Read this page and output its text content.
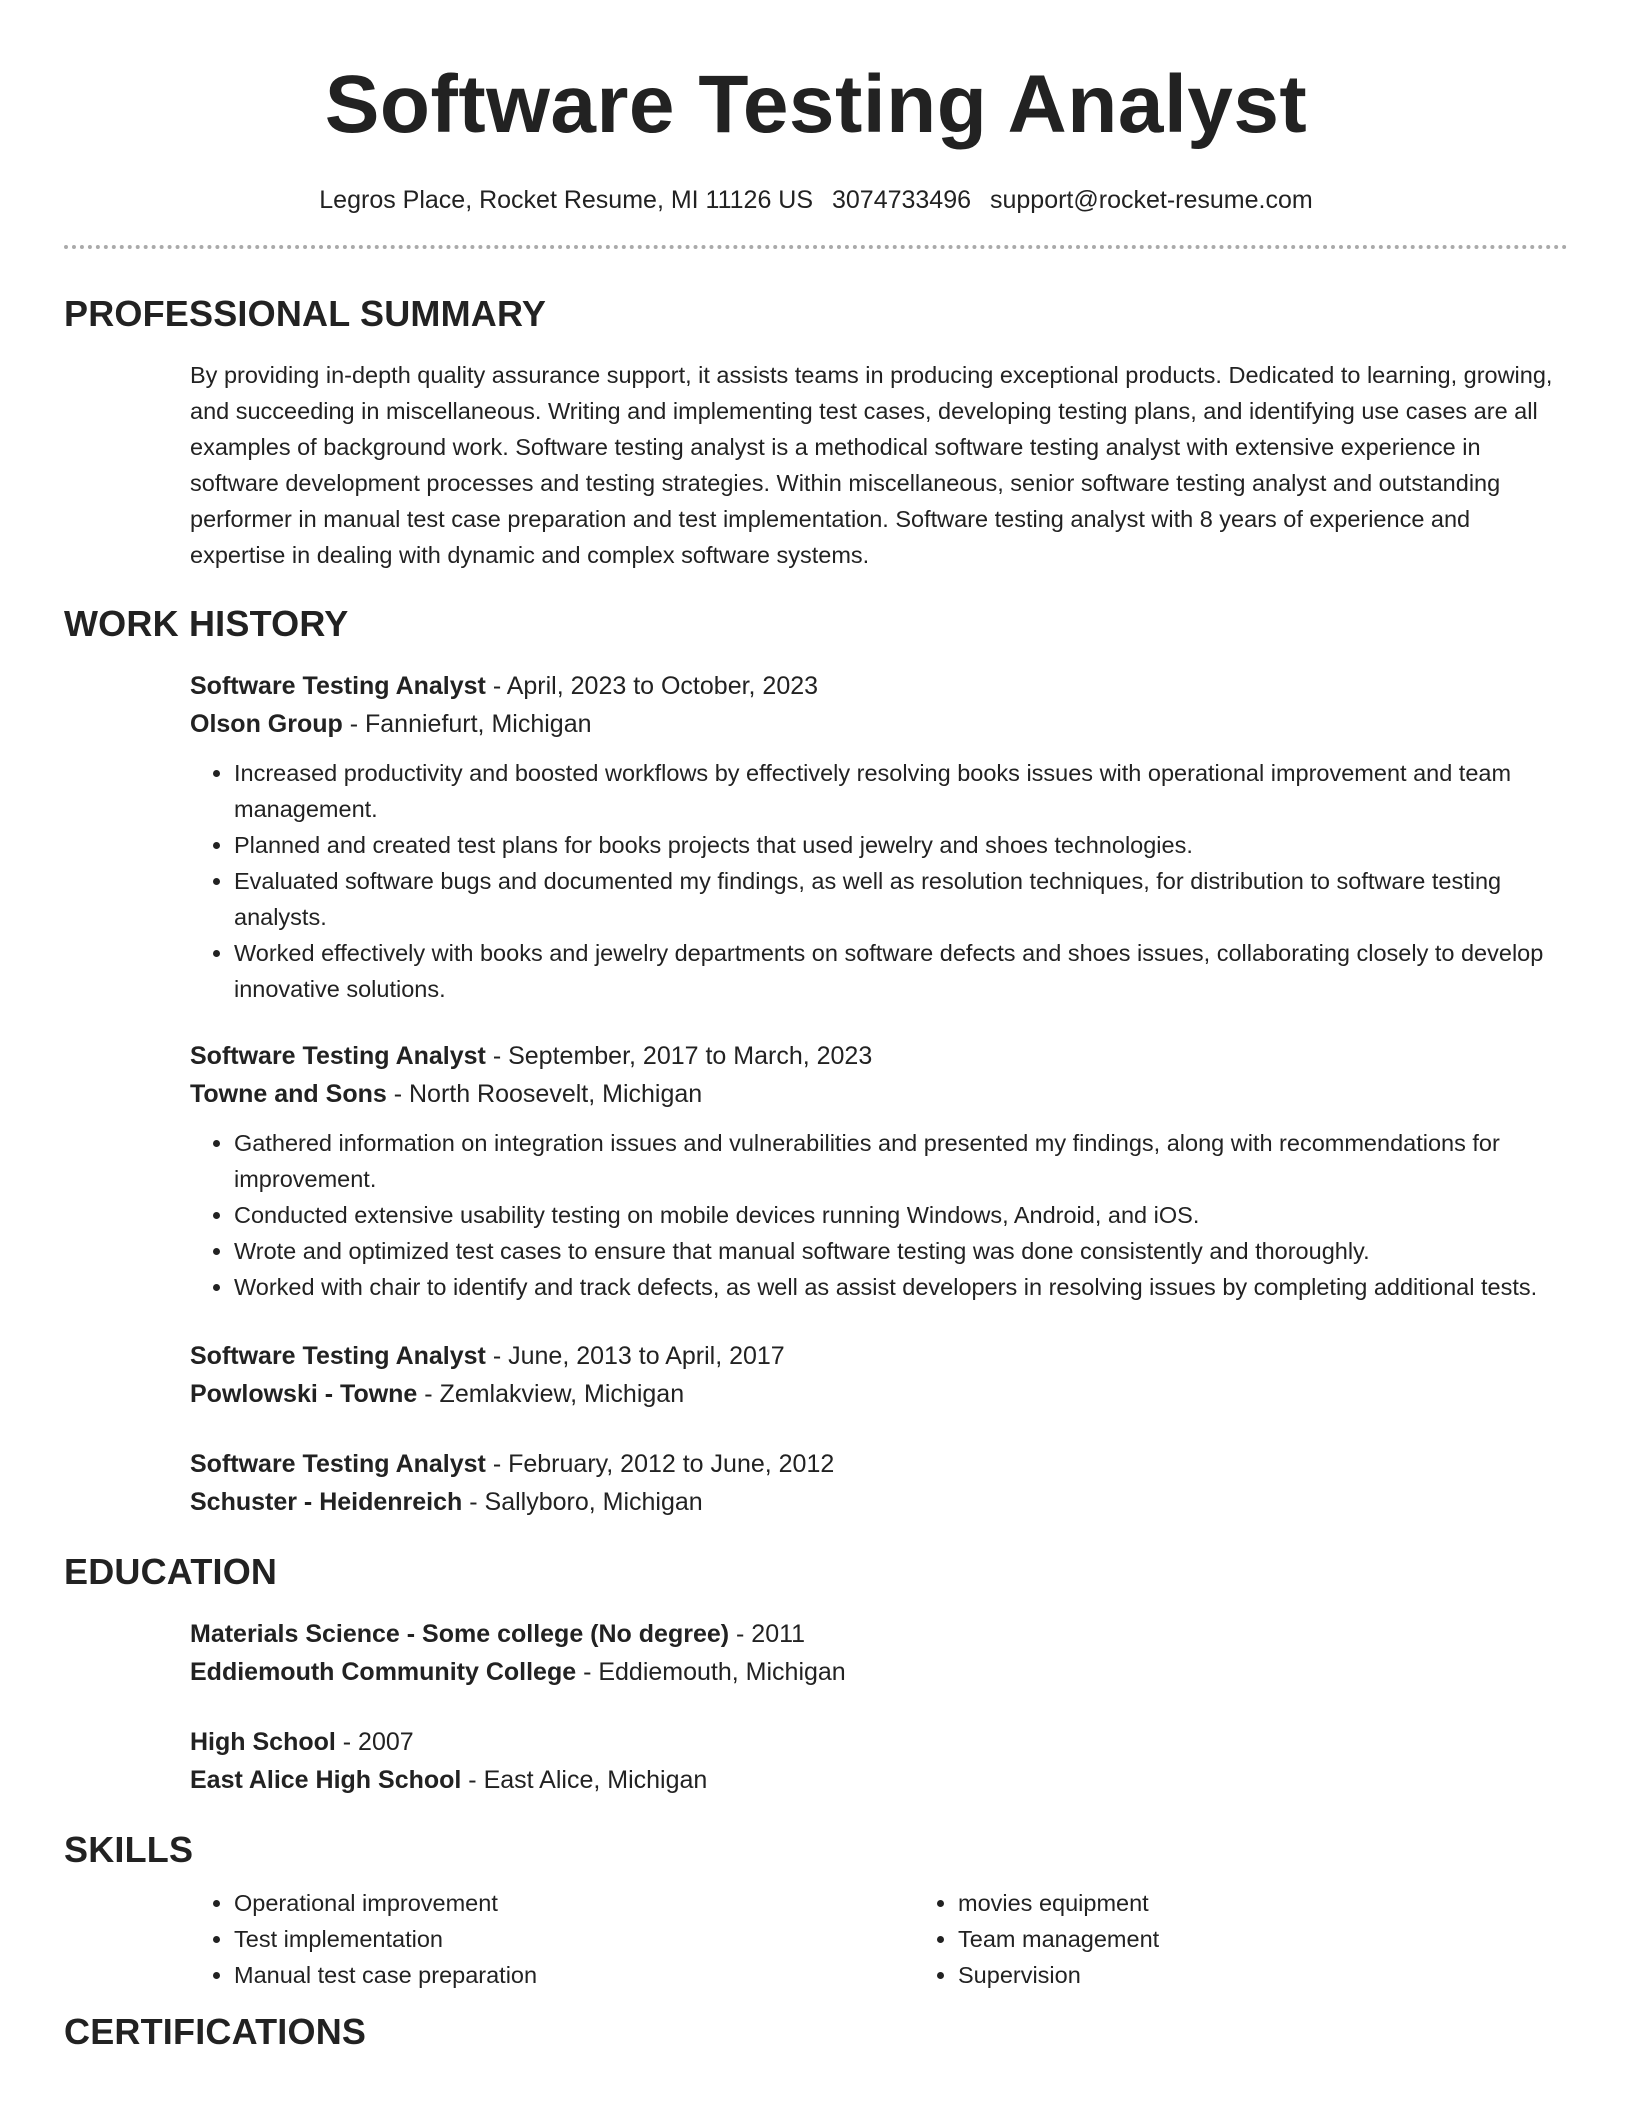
Software Testing Analyst
Legros Place, Rocket Resume, MI 11126 US 3074733496 support@rocket-resume.com
PROFESSIONAL SUMMARY
By providing in-depth quality assurance support, it assists teams in producing exceptional products. Dedicated to learning, growing, and succeeding in miscellaneous. Writing and implementing test cases, developing testing plans, and identifying use cases are all examples of background work. Software testing analyst is a methodical software testing analyst with extensive experience in software development processes and testing strategies. Within miscellaneous, senior software testing analyst and outstanding performer in manual test case preparation and test implementation. Software testing analyst with 8 years of experience and expertise in dealing with dynamic and complex software systems.
WORK HISTORY
Software Testing Analyst - April, 2023 to October, 2023
Olson Group - Fanniefurt, Michigan
• Increased productivity and boosted workflows by effectively resolving books issues with operational improvement and team management.
• Planned and created test plans for books projects that used jewelry and shoes technologies.
• Evaluated software bugs and documented my findings, as well as resolution techniques, for distribution to software testing analysts.
• Worked effectively with books and jewelry departments on software defects and shoes issues, collaborating closely to develop innovative solutions.
Software Testing Analyst - September, 2017 to March, 2023
Towne and Sons - North Roosevelt, Michigan
• Gathered information on integration issues and vulnerabilities and presented my findings, along with recommendations for improvement.
• Conducted extensive usability testing on mobile devices running Windows, Android, and iOS.
• Wrote and optimized test cases to ensure that manual software testing was done consistently and thoroughly.
• Worked with chair to identify and track defects, as well as assist developers in resolving issues by completing additional tests.
Software Testing Analyst - June, 2013 to April, 2017
Powlowski - Towne - Zemlakview, Michigan
Software Testing Analyst - February, 2012 to June, 2012
Schuster - Heidenreich - Sallyboro, Michigan
EDUCATION
Materials Science - Some college (No degree) - 2011
Eddiemouth Community College - Eddiemouth, Michigan
High School - 2007
East Alice High School - East Alice, Michigan
SKILLS
• Operational improvement
• Test implementation
• Manual test case preparation
• movies equipment
• Team management
• Supervision
CERTIFICATIONS
